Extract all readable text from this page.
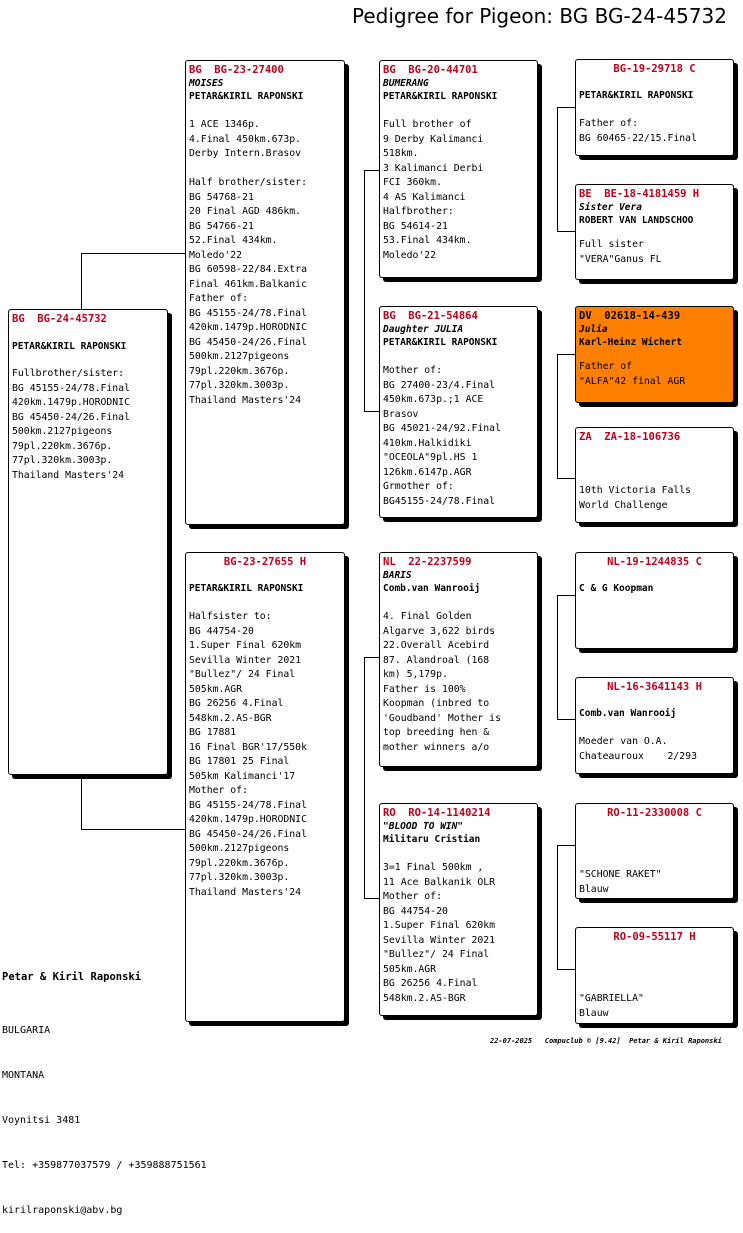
Pedigree for Pigeon: BG BG-24-45732
BG  BG-24-45732
PETAR&KIRIL RAPONSKI
Fullbrother/sister:
BG 45155-24/78.Final
420km.1479p.HORODNIC
BG 45450-24/26.Final
500km.2127pigeons
79pl.220km.3676p.
77pl.320km.3003p.
Thailand Masters'24
BG  BG-23-27400
MOISES
PETAR&KIRIL RAPONSKI
1 ACE 1346p.
4.Final 450km.673p.
Derby Intern.Brasov

Half brother/sister:
BG 54768-21
20 Final AGD 486km.
BG 54766-21
52.Final 434km.
Moledo'22
BG 60598-22/84.Extra
Final 461km.Balkanic
Father of:
BG 45155-24/78.Final
420km.1479p.HORODNIC
BG 45450-24/26.Final
500km.2127pigeons
79pl.220km.3676p.
77pl.320km.3003p.
Thailand Masters'24
BG-23-27655 H
PETAR&KIRIL RAPONSKI
Halfsister to:
BG 44754-20
1.Super Final 620km
Sevilla Winter 2021
"Bullez"/ 24 Final
505km.AGR
BG 26256 4.Final
548km.2.AS-BGR
BG 17881
16 Final BGR'17/550k
BG 17801 25 Final
505km Kalimanci'17
Mother of:
BG 45155-24/78.Final
420km.1479p.HORODNIC
BG 45450-24/26.Final
500km.2127pigeons
79pl.220km.3676p.
77pl.320km.3003p.
Thailand Masters'24
BG  BG-20-44701
BUMERANG
PETAR&KIRIL RAPONSKI
Full brother of
9 Derby Kalimanci
518km.
3 Kalimanci Derbi
FCI 360km.
4 AS Kalimanci
Halfbrother:
BG 54614-21
53.Final 434km.
Moledo'22
BG  BG-21-54864
Daughter JULIA
PETAR&KIRIL RAPONSKI
Mother of:
BG 27400-23/4.Final
450km.673p.;1 ACE
Brasov
BG 45021-24/92.Final
410km.Halkidiki
"OCEOLA"9pl.HS 1
126km.6147p.AGR
Grmother of:
BG45155-24/78.Final
NL  22-2237599
BARIS
Comb.van Wanrooij
4. Final Golden
Algarve 3,622 birds
22.Overall Acebird
87. Alandroal (168
km) 5,179p.
Father is 100%
Koopman (inbred to
'Goudband' Mother is
top breeding hen &
mother winners a/o
RO  RO-14-1140214
"BLOOD TO WIN"
Militaru Cristian
3=1 Final 500km ,
11 Ace Balkanik OLR
Mother of:
BG 44754-20
1.Super Final 620km
Sevilla Winter 2021
"Bullez"/ 24 Final
505km.AGR
BG 26256 4.Final
548km.2.AS-BGR
BG-19-29718 C
PETAR&KIRIL RAPONSKI
Father of:
BG 60465-22/15.Final
BE  BE-18-4181459 H
Sister Vera
ROBERT VAN LANDSCHOO
Full sister
"VERA"Ganus FL
DV  02618-14-439
Julia
Karl-Heinz Wichert
Father of
"ALFA"42 final AGR
ZA  ZA-18-106736
10th Victoria Falls
World Challenge
NL-19-1244835 C
C & G Koopman
NL-16-3641143 H
Comb.van Wanrooij
Moeder van O.A.
Chateauroux    2/293
RO-11-2330008 C
"SCHONE RAKET"
Blauw
RO-09-55117 H
"GABRIELLA"
Blauw

Petar & Kiril Raponski

BULGARIA

MONTANA

Voynitsi 3481

Tel: +359877037579 / +359888751561

kirilraponski@abv.bg

22-07-2025   Compuclub © [9.42]  Petar & Kiril Raponski
